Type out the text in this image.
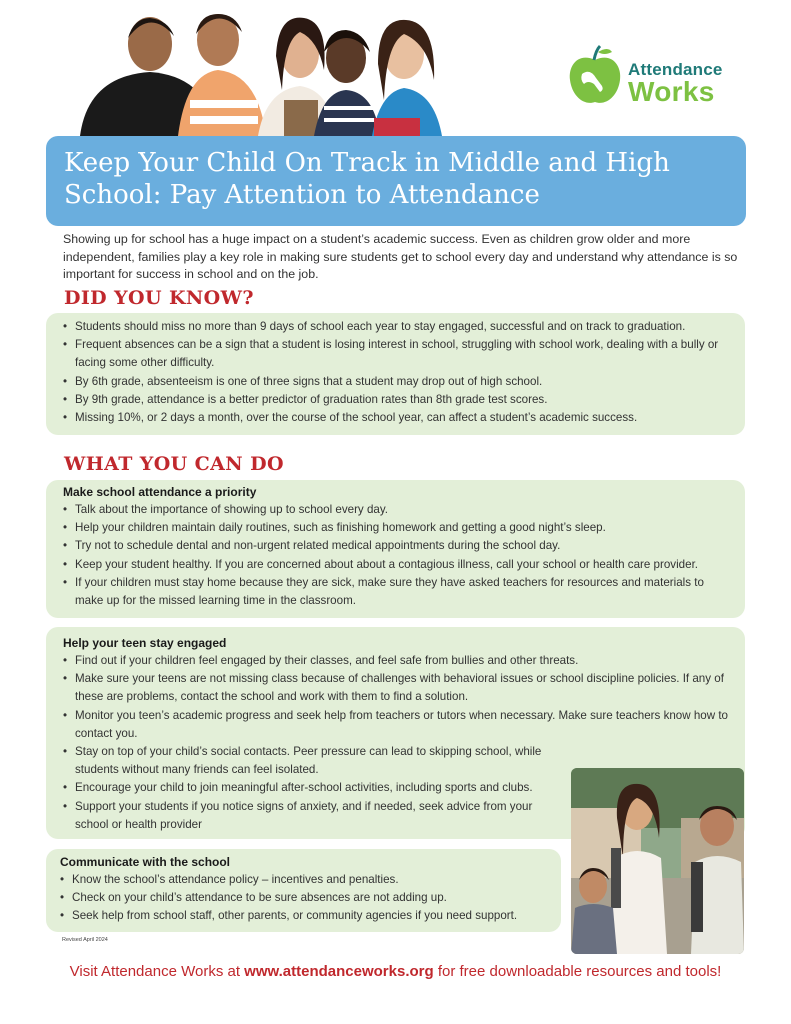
Attendance
Works
Keep Your Child On Track in Middle and High
School: Pay Attention to Attendance
Showing up for school has a huge impact on a student’s academic success. Even as children grow older and more independent, families play a key role in making sure students get to school every day and understand why attendance is so important for success in school and on the job.
DID YOU KNOW?
• Students should miss no more than 9 days of school each year to stay engaged, successful and on track to graduation.
• Frequent absences can be a sign that a student is losing interest in school, struggling with school work, dealing with a bully or facing some other difficulty.
• By 6th grade, absenteeism is one of three signs that a student may drop out of high school.
• By 9th grade, attendance is a better predictor of graduation rates than 8th grade test scores.
• Missing 10%, or 2 days a month, over the course of the school year, can affect a student’s academic success.
WHAT YOU CAN DO
Make school attendance a priority
• Talk about the importance of showing up to school every day.
• Help your children maintain daily routines, such as finishing homework and getting a good night’s sleep.
• Try not to schedule dental and non-urgent related medical appointments during the school day.
• Keep your student healthy. If you are concerned about about a contagious illness, call your school or health care provider.
• If your children must stay home because they are sick, make sure they have asked teachers for resources and materials to make up for the missed learning time in the classroom.
Help your teen stay engaged
• Find out if your children feel engaged by their classes, and feel safe from bullies and other threats.
• Make sure your teens are not missing class because of challenges with behavioral issues or school discipline policies. If any of these are problems, contact the school and work with them to find a solution.
• Monitor you teen’s academic progress and seek help from teachers or tutors when necessary. Make sure teachers know how to contact you.
• Stay on top of your child’s social contacts. Peer pressure can lead to skipping school, while students without many friends can feel isolated.
• Encourage your child to join meaningful after-school activities, including sports and clubs.
• Support your students if you notice signs of anxiety, and if needed, seek advice from your school or health provider
Communicate with the school
• Know the school’s attendance policy – incentives and penalties.
• Check on your child’s attendance to be sure absences are not adding up.
• Seek help from school staff, other parents, or community agencies if you need support.
Revised April 2024
Visit Attendance Works at www.attendanceworks.org for free downloadable resources and tools!
